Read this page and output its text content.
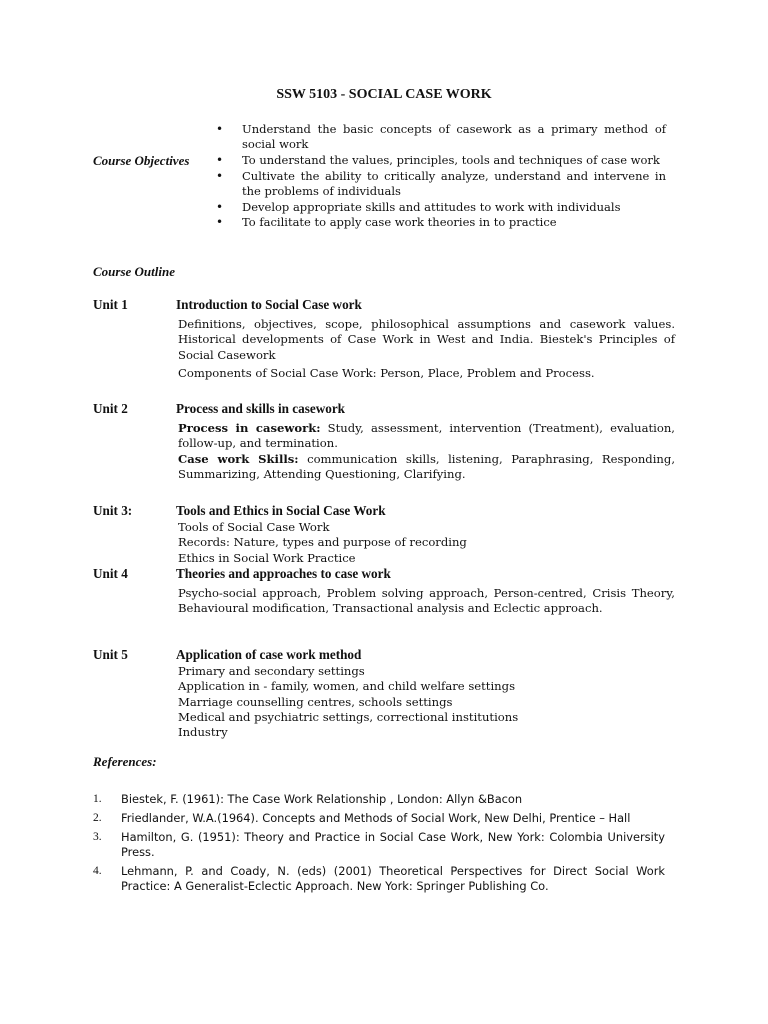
SSW 5103 - SOCIAL CASE WORK
Course Objectives
• Understand the basic concepts of casework as a primary method of social work
• To understand the values, principles, tools and techniques of case work
• Cultivate the ability to critically analyze, understand and intervene in the problems of individuals
• Develop appropriate skills and attitudes to work with individuals
• To facilitate to apply case work theories in to practice
Course Outline
Unit 1	Introduction to Social Case work

Definitions, objectives, scope, philosophical assumptions and casework values. Historical developments of Case Work in West and India. Biestek's Principles of Social Casework

Components of Social Case Work: Person, Place, Problem and Process.

Unit 2	Process and skills in casework

Process in casework: Study, assessment, intervention (Treatment), evaluation, follow-up, and termination.

Case work Skills: communication skills, listening, Paraphrasing, Responding, Summarizing, Attending Questioning, Clarifying.

Unit 3:	Tools and Ethics in Social Case Work

Tools of Social Case Work

Records: Nature, types and purpose of recording

Ethics in Social Work Practice

Unit 4	Theories and approaches to case work

Psycho-social approach, Problem solving approach, Person-centred, Crisis Theory, Behavioural modification, Transactional analysis and Eclectic approach.

Unit 5	Application of case work method

Primary and secondary settings

Application in - family, women, and child welfare settings

Marriage counselling centres, schools settings

Medical and psychiatric settings, correctional institutions

Industry

References:
1. Biestek, F. (1961): The Case Work Relationship , London: Allyn &Bacon
2. Friedlander, W.A.(1964). Concepts and Methods of Social Work, New Delhi, Prentice – Hall
3. Hamilton, G. (1951): Theory and Practice in Social Case Work, New York: Colombia University Press.
4. Lehmann, P. and Coady, N. (eds) (2001) Theoretical Perspectives for Direct Social Work Practice: A Generalist-Eclectic Approach. New York: Springer Publishing Co.
